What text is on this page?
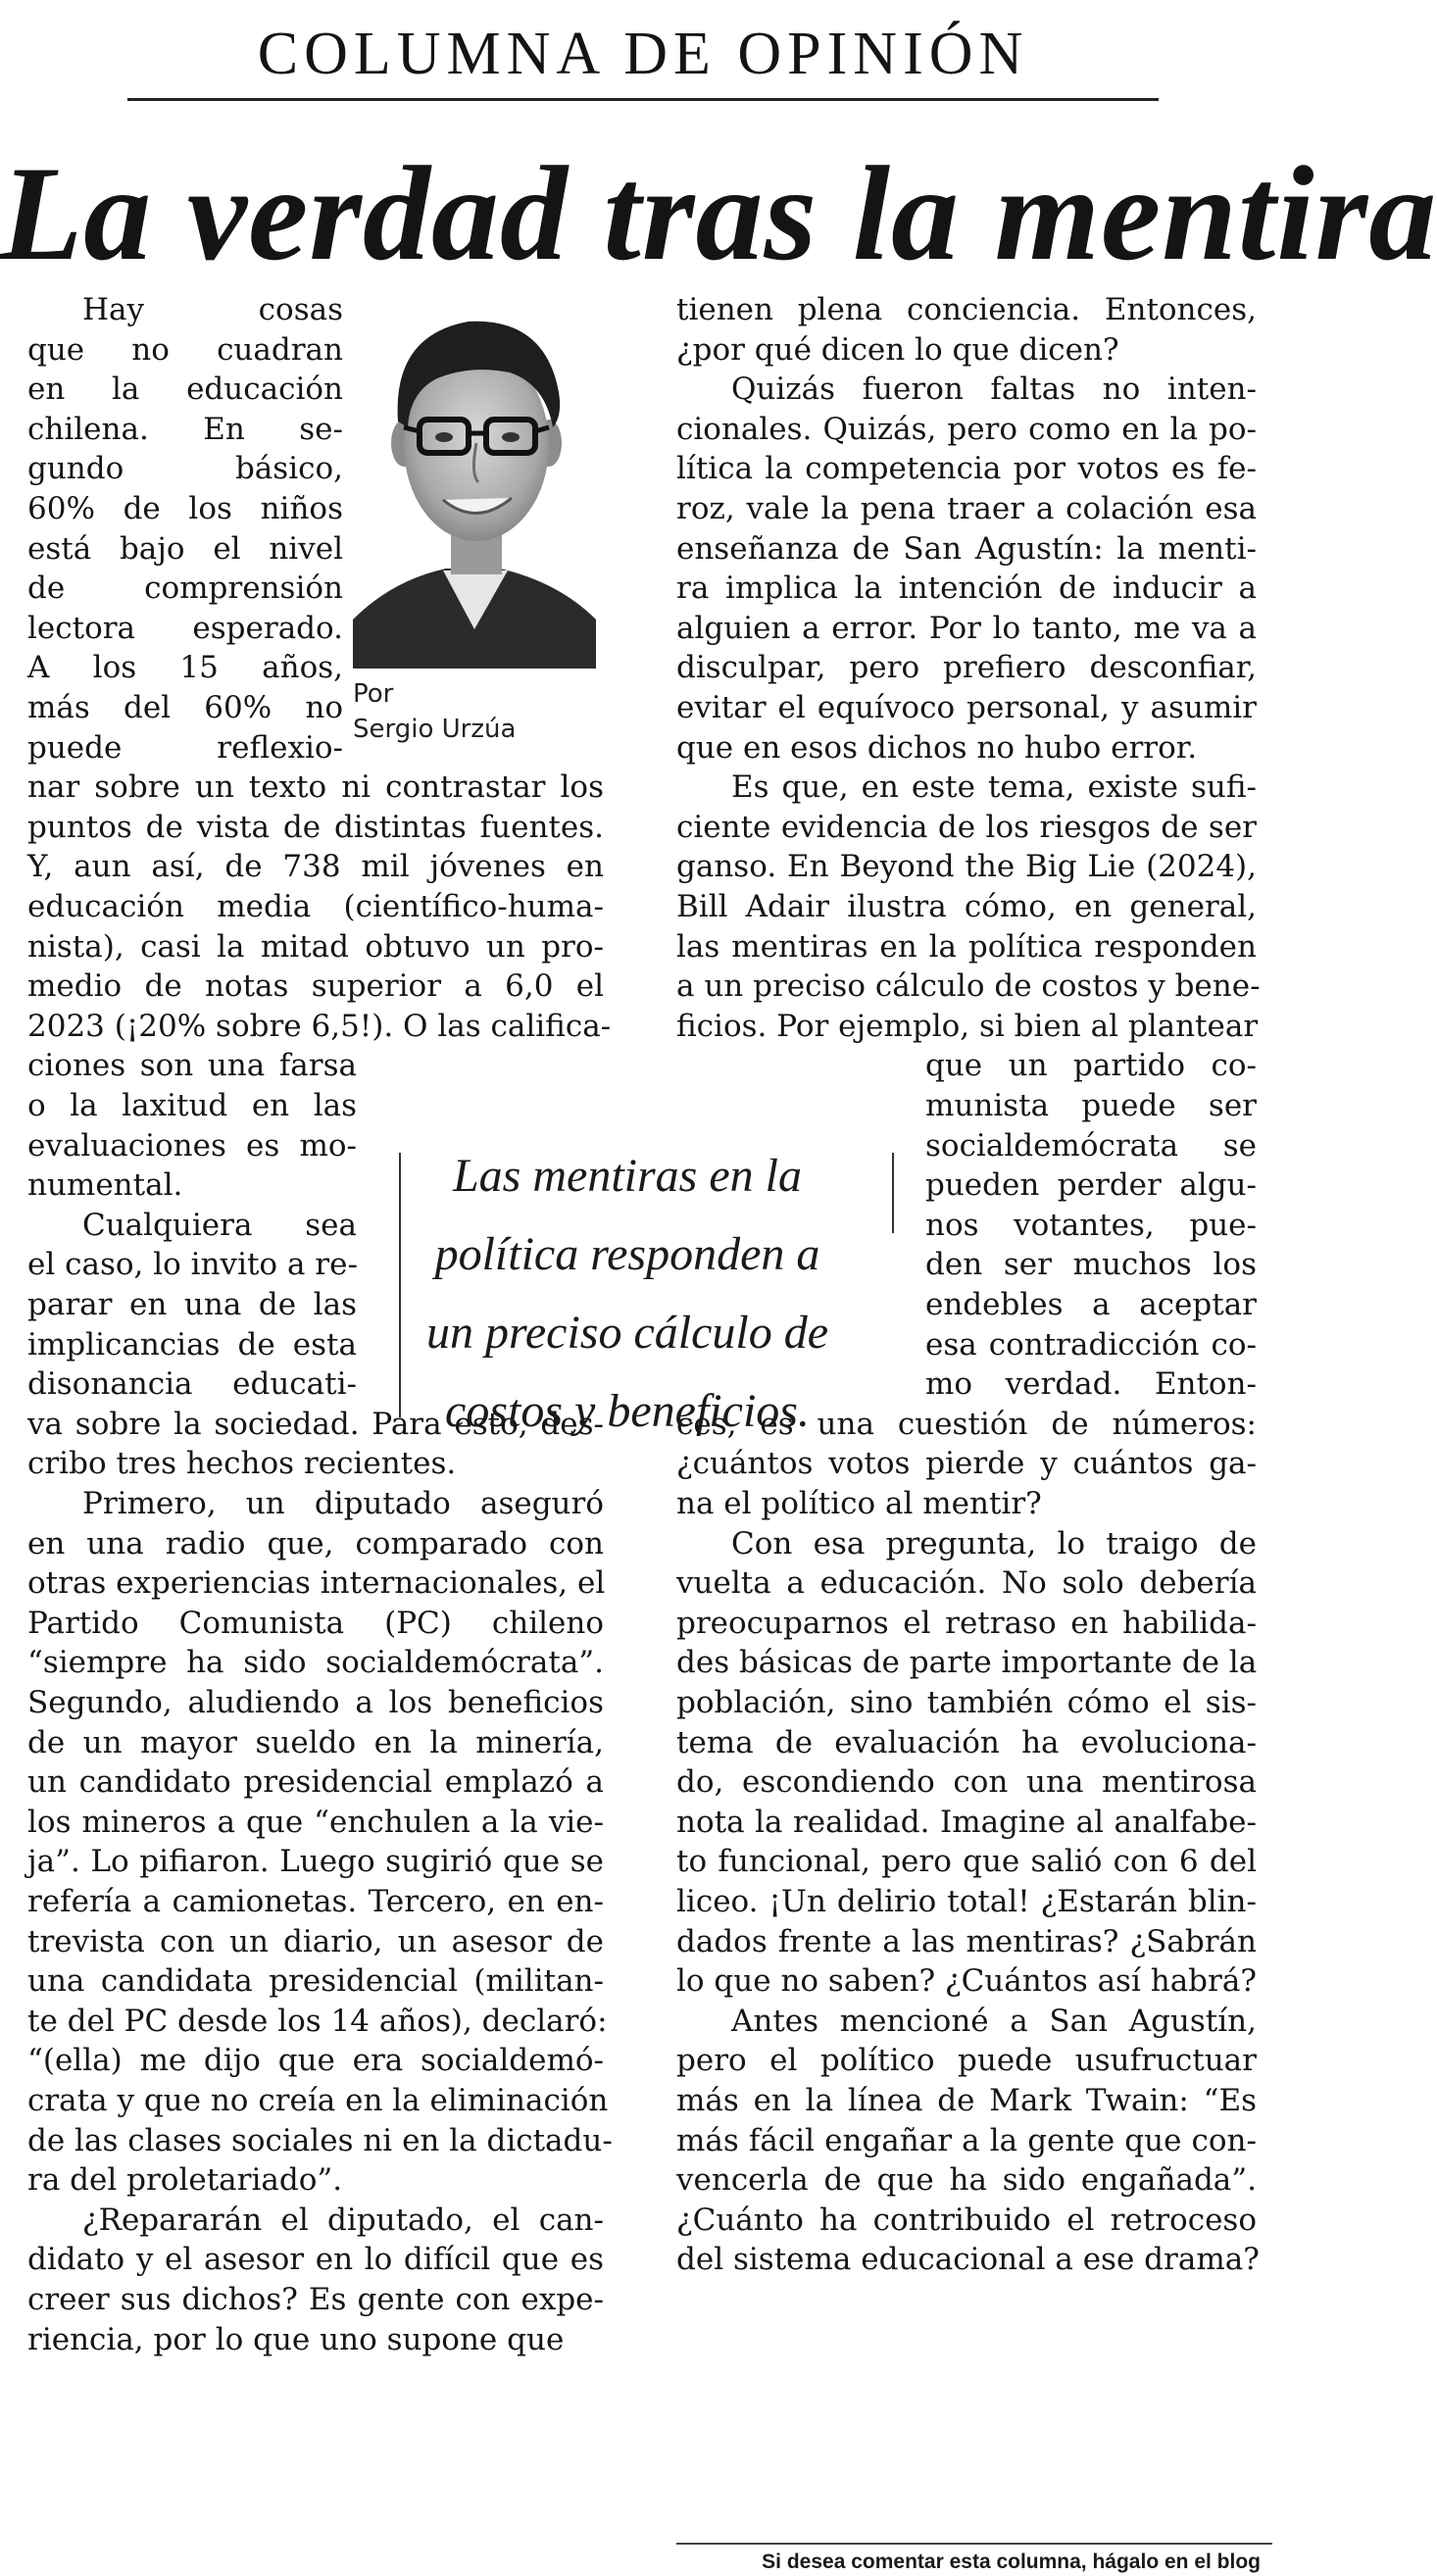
COLUMNA DE OPINIÓN
La verdad tras la mentira
Hay cosas
que no cuadran
en la educación
chilena. En se-
gundo básico,
60% de los niños
está bajo el nivel
de comprensión
lectora esperado.
A los 15 años,
más del 60% no
puede reflexio-
nar sobre un texto ni contrastar los
puntos de vista de distintas fuentes.
Y, aun así, de 738 mil jóvenes en
educación media (científico-huma-
nista), casi la mitad obtuvo un pro-
medio de notas superior a 6,0 el
2023 (¡20% sobre 6,5!). O las califica-
ciones son una farsa
o la laxitud en las
evaluaciones es mo-
numental.
Cualquiera sea
el caso, lo invito a re-
parar en una de las
implicancias de esta
disonancia educati-
va sobre la sociedad. Para esto, des-
cribo tres hechos recientes.
Primero, un diputado aseguró
en una radio que, comparado con
otras experiencias internacionales, el
Partido Comunista (PC) chileno
“siempre ha sido socialdemócrata”.
Segundo, aludiendo a los beneficios
de un mayor sueldo en la minería,
un candidato presidencial emplazó a
los mineros a que “enchulen a la vie-
ja”. Lo pifiaron. Luego sugirió que se
refería a camionetas. Tercero, en en-
trevista con un diario, un asesor de
una candidata presidencial (militan-
te del PC desde los 14 años), declaró:
“(ella) me dijo que era socialdemó-
crata y que no creía en la eliminación
de las clases sociales ni en la dictadu-
ra del proletariado”.
¿Repararán el diputado, el can-
didato y el asesor en lo difícil que es
creer sus dichos? Es gente con expe-
riencia, por lo que uno supone que
tienen plena conciencia. Entonces,
¿por qué dicen lo que dicen?
Quizás fueron faltas no inten-
cionales. Quizás, pero como en la po-
lítica la competencia por votos es fe-
roz, vale la pena traer a colación esa
enseñanza de San Agustín: la menti-
ra implica la intención de inducir a
alguien a error. Por lo tanto, me va a
disculpar, pero prefiero desconfiar,
evitar el equívoco personal, y asumir
que en esos dichos no hubo error.
Es que, en este tema, existe sufi-
ciente evidencia de los riesgos de ser
ganso. En Beyond the Big Lie (2024),
Bill Adair ilustra cómo, en general,
las mentiras en la política responden
a un preciso cálculo de costos y bene-
ficios. Por ejemplo, si bien al plantear
que un partido co-
munista puede ser
socialdemócrata se
pueden perder algu-
nos votantes, pue-
den ser muchos los
endebles a aceptar
esa contradicción co-
mo verdad. Enton-
ces, es una cuestión de números:
¿cuántos votos pierde y cuántos ga-
na el político al mentir?
Con esa pregunta, lo traigo de
vuelta a educación. No solo debería
preocuparnos el retraso en habilida-
des básicas de parte importante de la
población, sino también cómo el sis-
tema de evaluación ha evoluciona-
do, escondiendo con una mentirosa
nota la realidad. Imagine al analfabe-
to funcional, pero que salió con 6 del
liceo. ¡Un delirio total! ¿Estarán blin-
dados frente a las mentiras? ¿Sabrán
lo que no saben? ¿Cuántos así habrá?
Antes mencioné a San Agustín,
pero el político puede usufructuar
más en la línea de Mark Twain: “Es
más fácil engañar a la gente que con-
vencerla de que ha sido engañada”.
¿Cuánto ha contribuido el retroceso
del sistema educacional a ese drama?
Por
Sergio Urzúa
Las mentiras en la
política responden a
un preciso cálculo de
costos y beneficios.
Si desea comentar esta columna, hágalo en el blog
